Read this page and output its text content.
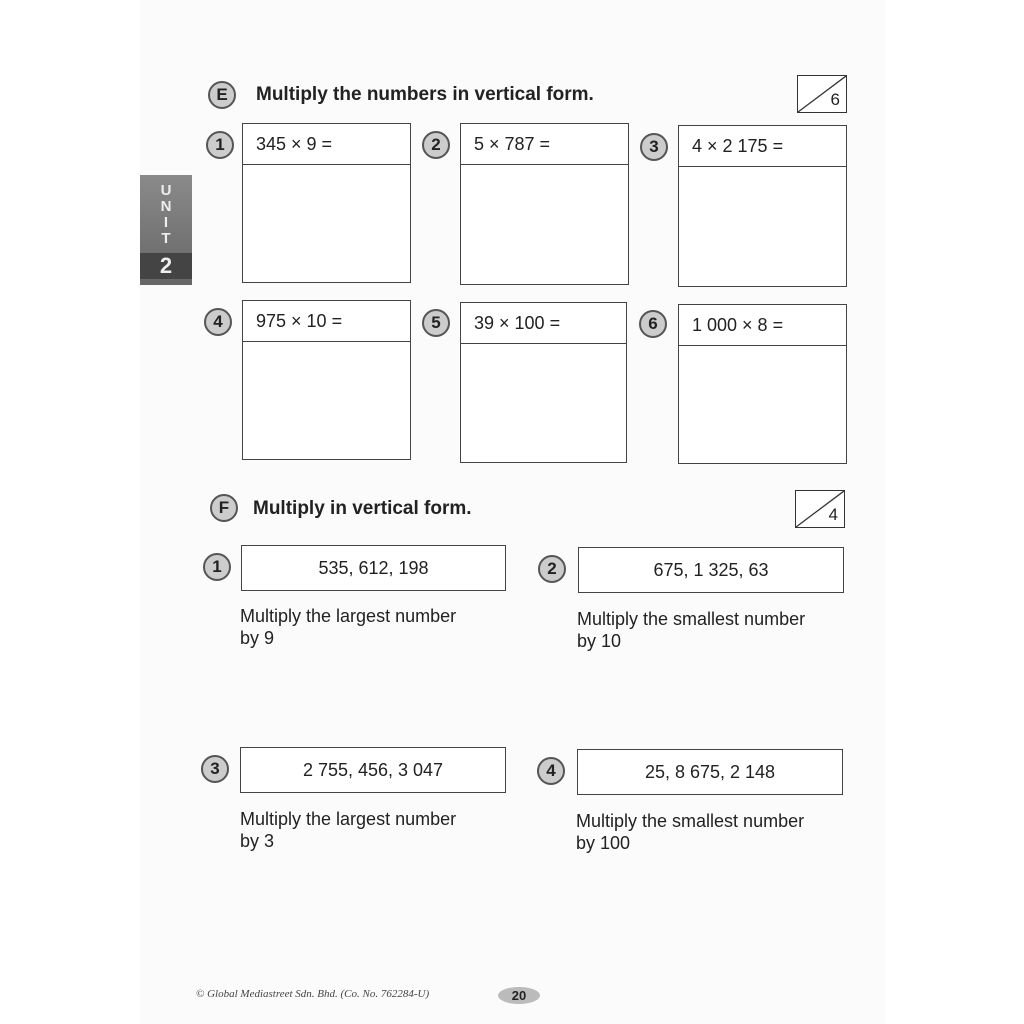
U
N
I
T
2
E	Multiply the numbers in vertical form.	6
1	345 × 9 =	2	5 × 787 =	3	4 × 2 175 =
4	975 × 10 =	5	39 × 100 =	6	1 000 × 8 =
F	Multiply in vertical form.	4
1	535, 612, 198
Multiply the largest number
by 9
2	675, 1 325, 63
Multiply the smallest number
by 10
3	2 755, 456, 3 047
Multiply the largest number
by 3
4	25, 8 675, 2 148
Multiply the smallest number
by 100
© Global Mediastreet Sdn. Bhd. (Co. No. 762284-U)	20
